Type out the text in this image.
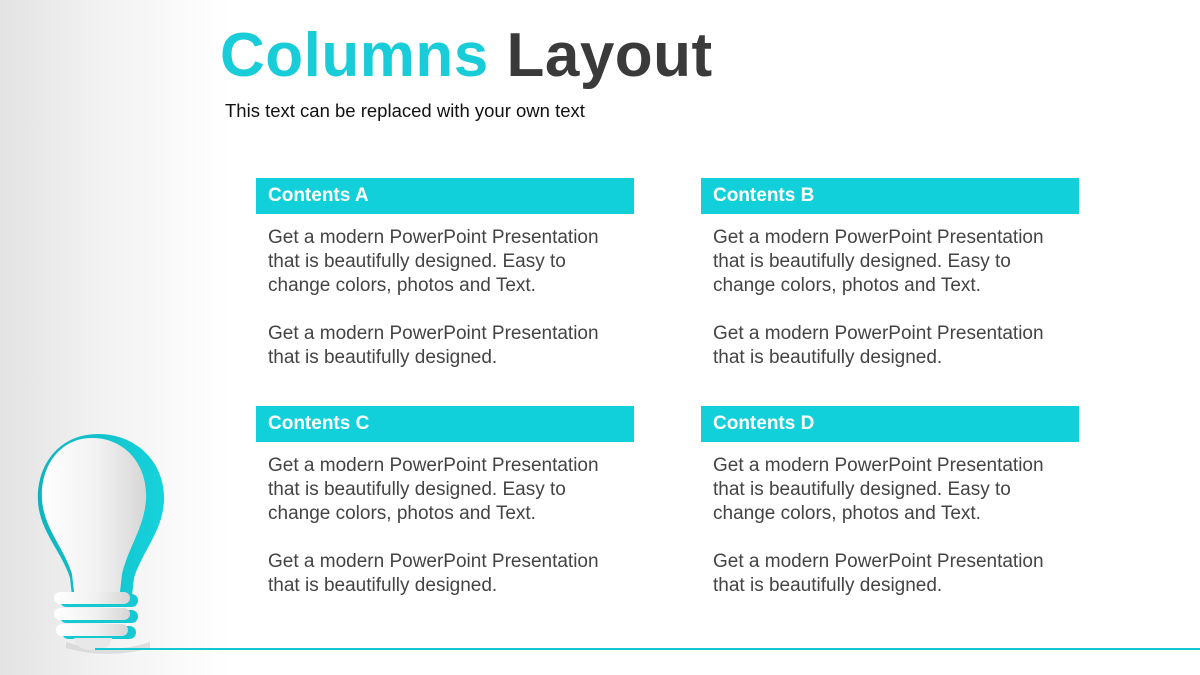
Columns Layout

This text can be replaced with your own text

Contents A

Get a modern PowerPoint Presentation
that is beautifully designed. Easy to
change colors, photos and Text.

Get a modern PowerPoint Presentation
that is beautifully designed.

Contents B

Get a modern PowerPoint Presentation
that is beautifully designed. Easy to
change colors, photos and Text.

Get a modern PowerPoint Presentation
that is beautifully designed.

Contents C

Get a modern PowerPoint Presentation
that is beautifully designed. Easy to
change colors, photos and Text.

Get a modern PowerPoint Presentation
that is beautifully designed.

Contents D

Get a modern PowerPoint Presentation
that is beautifully designed. Easy to
change colors, photos and Text.

Get a modern PowerPoint Presentation
that is beautifully designed.
